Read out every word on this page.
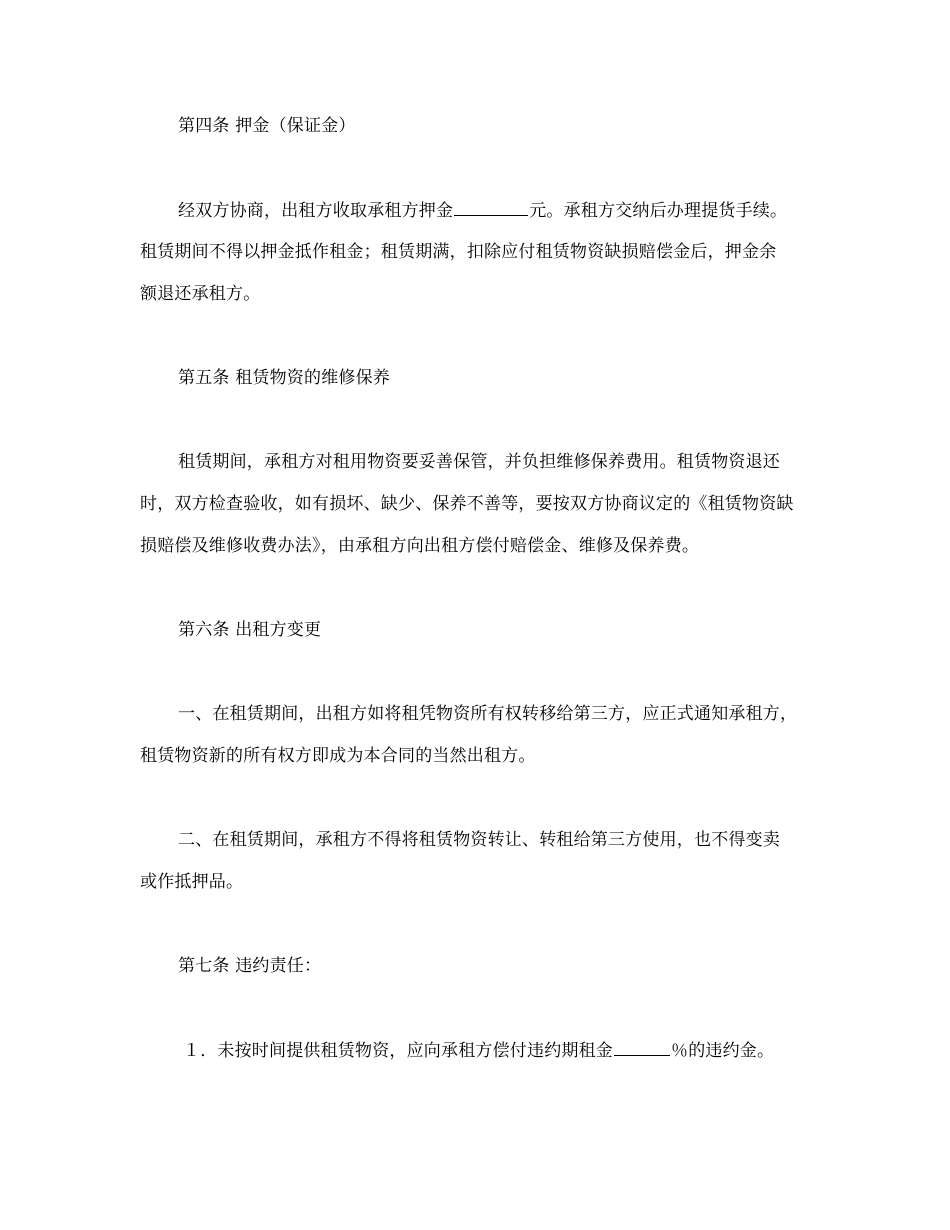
第四条 押金（保证金）
经双方协商，出租方收取承租方押金	元。承租方交纳后办理提货手续。
租赁期间不得以押金抵作租金；租赁期满，扣除应付租赁物资缺损赔偿金后，押金余
额退还承租方。
第五条 租赁物资的维修保养
租赁期间，承租方对租用物资要妥善保管，并负担维修保养费用。租赁物资退还
时，双方检查验收，如有损坏、缺少、保养不善等，要按双方协商议定的《租赁物资缺
损赔偿及维修收费办法》，由承租方向出租方偿付赔偿金、维修及保养费。
第六条 出租方变更
一、在租赁期间，出租方如将租凭物资所有权转移给第三方，应正式通知承租方，
租赁物资新的所有权方即成为本合同的当然出租方。
二、在租赁期间，承租方不得将租赁物资转让、转租给第三方使用，也不得变卖
或作抵押品。
第七条 违约责任：
１．未按时间提供租赁物资，应向承租方偿付违约期租金	％的违约金。
